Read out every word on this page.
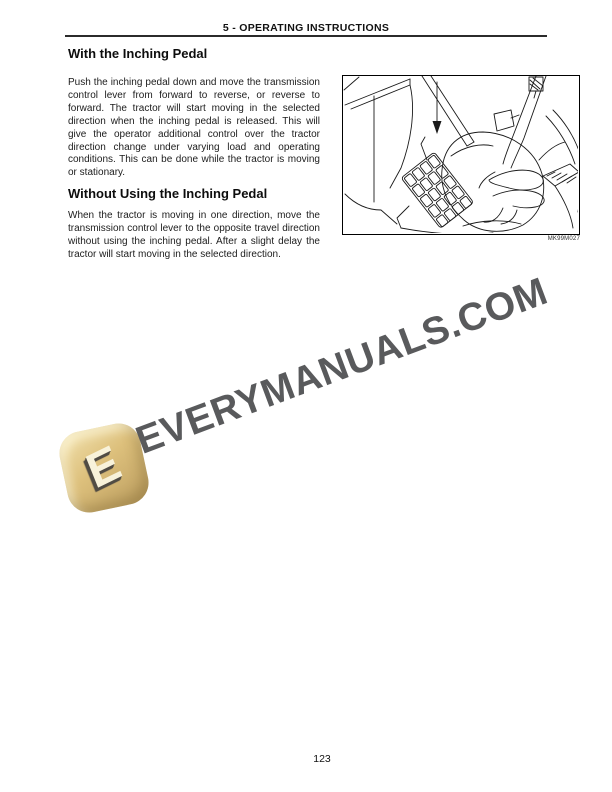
5 - OPERATING INSTRUCTIONS
With the Inching Pedal

Push the inching pedal down and move the transmission control lever from forward to reverse, or reverse to forward. The tractor will start moving in the selected direction when the inching pedal is released. This will give the operator additional control over the tractor direction change under varying load and operating conditions. This can be done while the tractor is moving or stationary.

Without Using the Inching Pedal

When the tractor is moving in one direction, move the transmission control lever to the opposite travel direction without using the inching pedal. After a slight delay the tractor will start moving in the selected direction.

MK99M027
E
EVERYMANUALS.COM
123
